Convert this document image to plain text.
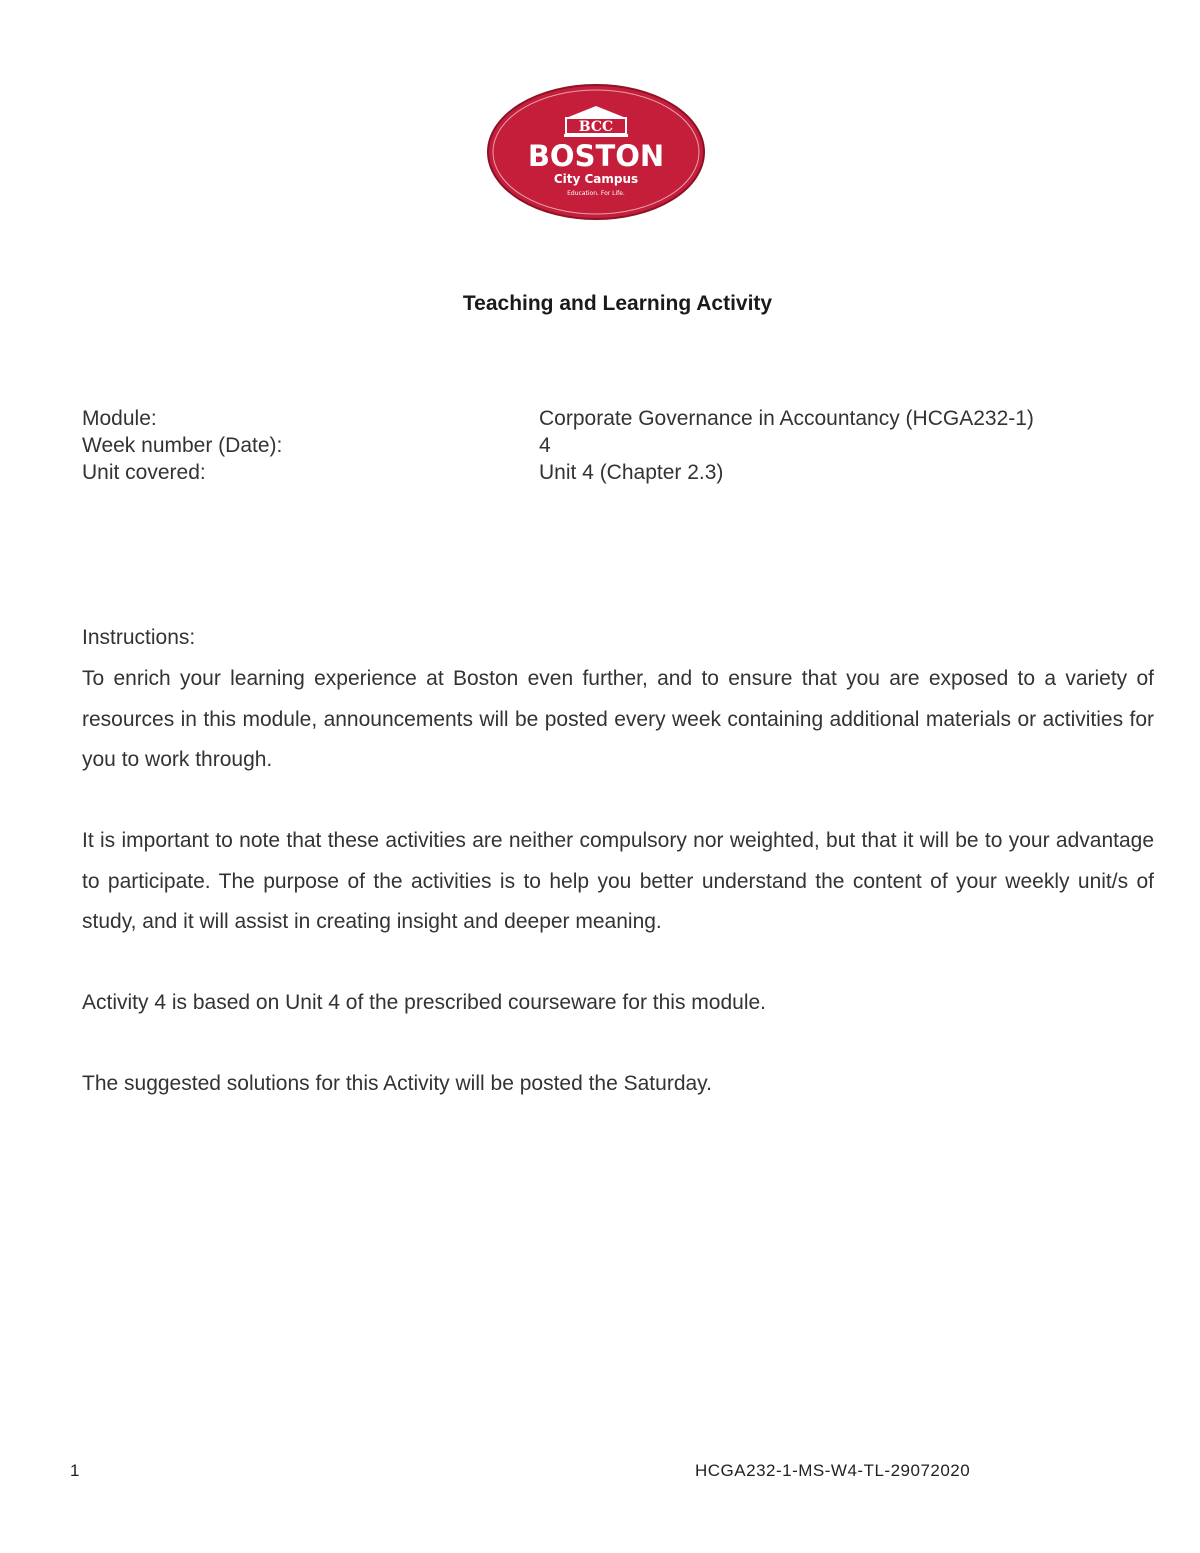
BCC
BOSTON
City Campus
Education. For Life.
Teaching and Learning Activity
Module:	Corporate Governance in Accountancy (HCGA232-1)
Week number (Date):	4
Unit covered:	Unit 4 (Chapter 2.3)
Instructions:
To enrich your learning experience at Boston even further, and to ensure that you are exposed to a variety of resources in this module, announcements will be posted every week containing additional materials or activities for you to work through.
It is important to note that these activities are neither compulsory nor weighted, but that it will be to your advantage to participate. The purpose of the activities is to help you better understand the content of your weekly unit/s of study, and it will assist in creating insight and deeper meaning.
Activity 4 is based on Unit 4 of the prescribed courseware for this module.
The suggested solutions for this Activity will be posted the Saturday.
1	HCGA232-1-MS-W4-TL-29072020
